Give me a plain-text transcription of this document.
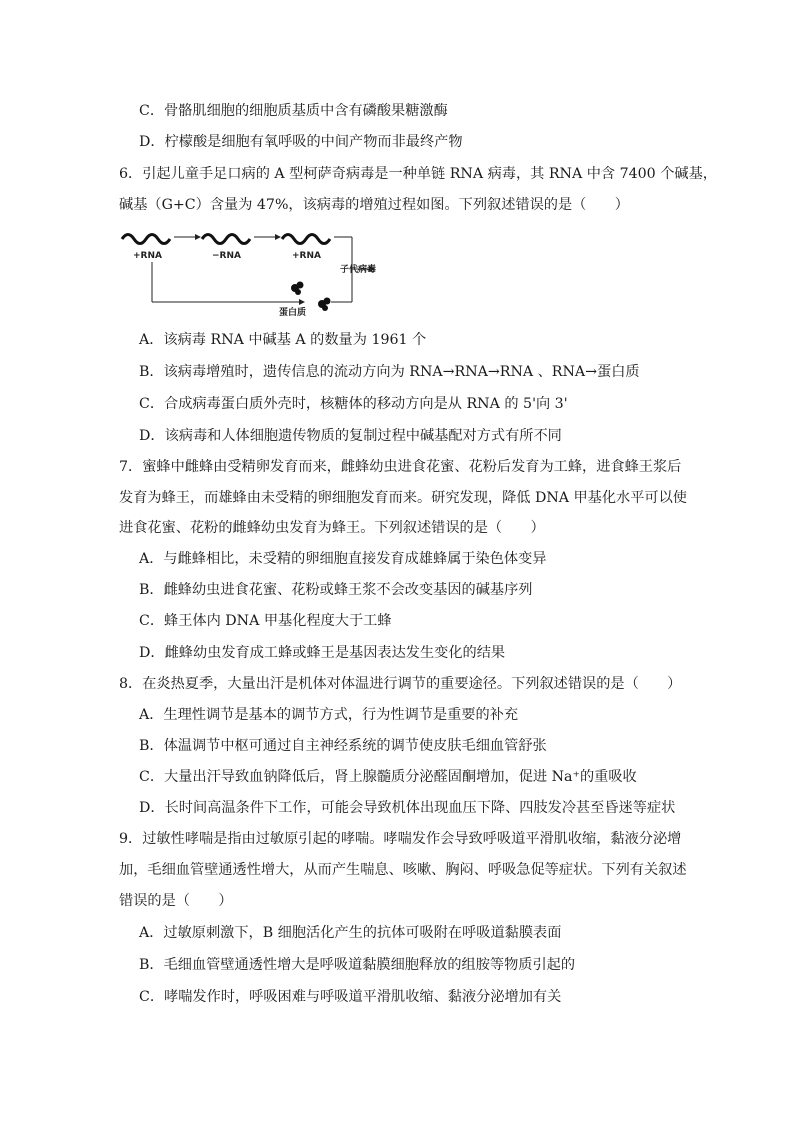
C．骨骼肌细胞的细胞质基质中含有磷酸果糖激酶
D．柠檬酸是细胞有氧呼吸的中间产物而非最终产物
6．引起儿童手足口病的 A 型柯萨奇病毒是一种单链 RNA 病毒，其 RNA 中含 7400 个碱基，
碱基（G+C）含量为 47%，该病毒的增殖过程如图。下列叙述错误的是（　　）
+RNA	−RNA	+RNA
蛋白质
子代病毒
A．该病毒 RNA 中碱基 A 的数量为 1961 个
B．该病毒增殖时，遗传信息的流动方向为 RNA→RNA→RNA 、RNA→蛋白质
C．合成病毒蛋白质外壳时，核糖体的移动方向是从 RNA 的 5'向 3'
D．该病毒和人体细胞遗传物质的复制过程中碱基配对方式有所不同
7．蜜蜂中雌蜂由受精卵发育而来，雌蜂幼虫进食花蜜、花粉后发育为工蜂，进食蜂王浆后
发育为蜂王，而雄蜂由未受精的卵细胞发育而来。研究发现，降低 DNA 甲基化水平可以使
进食花蜜、花粉的雌蜂幼虫发育为蜂王。下列叙述错误的是（　　）
A．与雌蜂相比，未受精的卵细胞直接发育成雄蜂属于染色体变异
B．雌蜂幼虫进食花蜜、花粉或蜂王浆不会改变基因的碱基序列
C．蜂王体内 DNA 甲基化程度大于工蜂
D．雌蜂幼虫发育成工蜂或蜂王是基因表达发生变化的结果
8．在炎热夏季，大量出汗是机体对体温进行调节的重要途径。下列叙述错误的是（　　）
A．生理性调节是基本的调节方式，行为性调节是重要的补充
B．体温调节中枢可通过自主神经系统的调节使皮肤毛细血管舒张
C．大量出汗导致血钠降低后，肾上腺髓质分泌醛固酮增加，促进 Na⁺的重吸收
D．长时间高温条件下工作，可能会导致机体出现血压下降、四肢发冷甚至昏迷等症状
9．过敏性哮喘是指由过敏原引起的哮喘。哮喘发作会导致呼吸道平滑肌收缩，黏液分泌增
加，毛细血管壁通透性增大，从而产生喘息、咳嗽、胸闷、呼吸急促等症状。下列有关叙述
错误的是（　　）
A．过敏原刺激下，B 细胞活化产生的抗体可吸附在呼吸道黏膜表面
B．毛细血管壁通透性增大是呼吸道黏膜细胞释放的组胺等物质引起的
C．哮喘发作时，呼吸困难与呼吸道平滑肌收缩、黏液分泌增加有关
